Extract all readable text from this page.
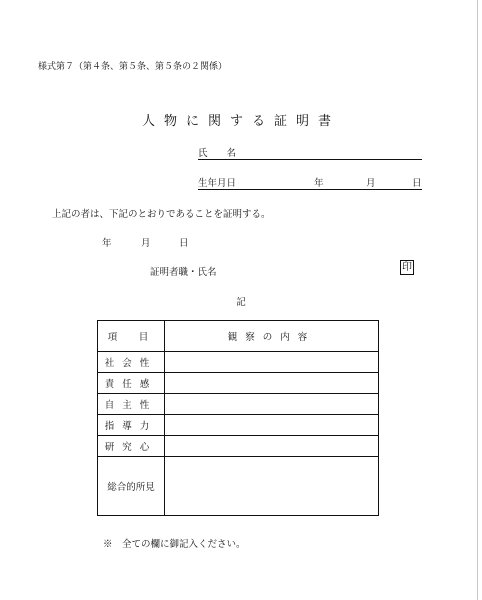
様式第７（第４条、第５条、第５条の２関係）
人物に関する証明書
氏　　名
生年月日	年	月	日
上記の者は、下記のとおりであることを証明する。
年	月	日
証明者職・氏名	印
記
項　目	観察の内容
社会性	
責任感	
自主性	
指導力	
研究心	
総合的所見	
※　全ての欄に御記入ください。
